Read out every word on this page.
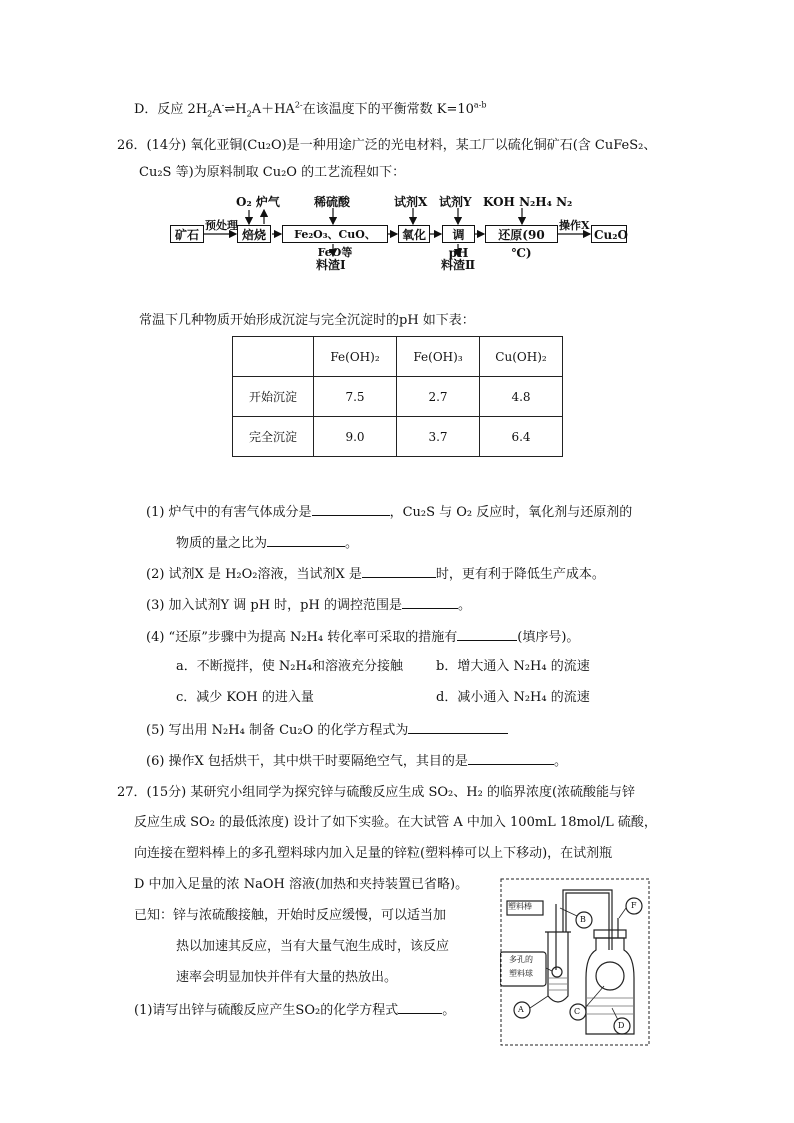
D．反应 $2H_2A^-\rightleftharpoons H_2A+HA^{2-}$在该温度下的平衡常数 $K=10^{a-b}$
26．(14分) 氧化亚铜(Cu₂O)是一种用途广泛的光电材料，某工厂以硫化铜矿石(含 CuFeS₂、
Cu₂S 等)为原料制取 Cu₂O 的工艺流程如下：
矿石
预处理
焙烧
O₂ 炉气
Fe₂O₃、CuO、FeO等
稀硫酸
料渣Ⅰ
氧化
试剂X
调pH
试剂Y
料渣Ⅱ
还原(90 ℃)
KOH N₂H₄ N₂
操作X
Cu₂O
常温下几种物质开始形成沉淀与完全沉淀时的pH 如下表：
	Fe(OH)₂	Fe(OH)₃	Cu(OH)₂
开始沉淀	7.5	2.7	4.8
完全沉淀	9.0	3.7	6.4
(1) 炉气中的有害气体成分是	，Cu₂S 与 O₂ 反应时，氧化剂与还原剂的
物质的量之比为	。
(2) 试剂X 是 H₂O₂溶液，当试剂X 是	时，更有利于降低生产成本。
(3) 加入试剂Y 调 pH 时，pH 的调控范围是	。
(4) “还原”步骤中为提高 N₂H₄ 转化率可采取的措施有	(填序号)。
a．不断搅拌，使 N₂H₄和溶液充分接触	b．增大通入 N₂H₄ 的流速
c．减少 KOH 的进入量	d．减小通入 N₂H₄ 的流速
(5) 写出用 N₂H₄ 制备 Cu₂O 的化学方程式为
(6) 操作X 包括烘干，其中烘干时要隔绝空气，其目的是	。
27．(15分) 某研究小组同学为探究锌与硫酸反应生成 SO₂、H₂ 的临界浓度(浓硫酸能与锌
反应生成 SO₂ 的最低浓度) 设计了如下实验。在大试管 A 中加入 100mL 18mol/L 硫酸，
向连接在塑料棒上的多孔塑料球内加入足量的锌粒(塑料棒可以上下移动)，在试剂瓶
D 中加入足量的浓 NaOH 溶液(加热和夹持装置已省略)。
已知：锌与浓硫酸接触，开始时反应缓慢，可以适当加
热以加速其反应，当有大量气泡生成时，该反应
速率会明显加快并伴有大量的热放出。
(1)请写出锌与硫酸反应产生SO₂的化学方程式	。
塑料棒
多孔的
塑料球
A
B
C
D
F
